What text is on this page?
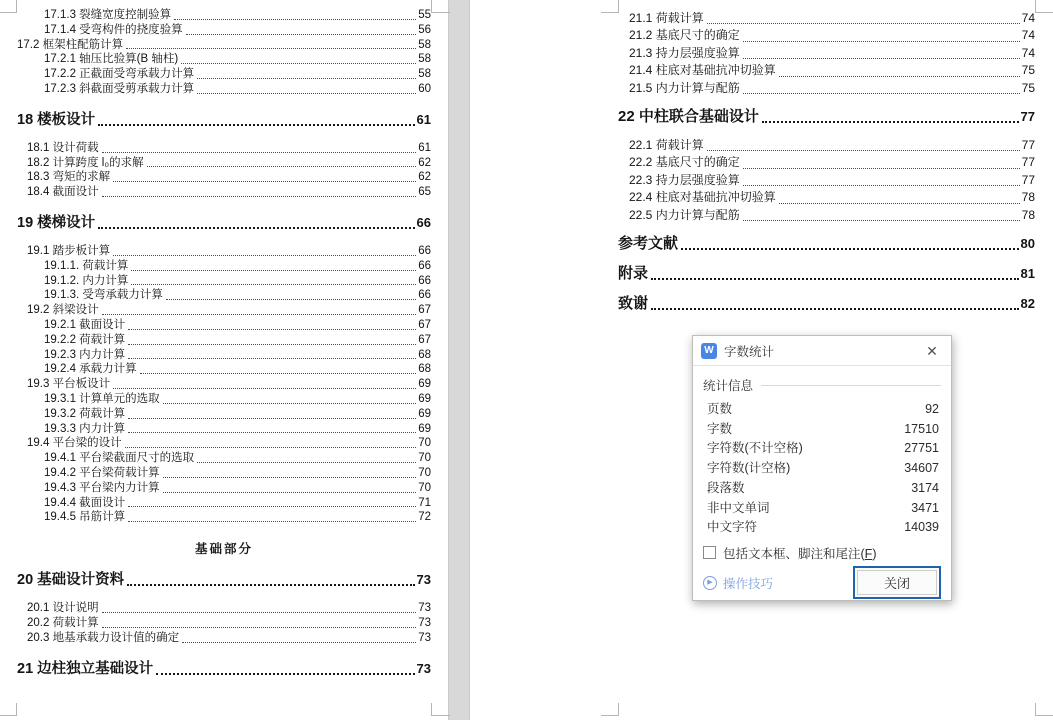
17.1.3 裂缝宽度控制验算	55
17.1.4 受弯构件的挠度验算	56
17.2 框架柱配筋计算	58
17.2.1 轴压比验算(B 轴柱)	58
17.2.2 正截面受弯承载力计算	58
17.2.3 斜截面受剪承载力计算	60
18 楼板设计	61
18.1 设计荷载	61
18.2 计算跨度 l₀的求解	62
18.3 弯矩的求解	62
18.4 截面设计	65
19 楼梯设计	66
19.1 踏步板计算	66
19.1.1. 荷载计算	66
19.1.2. 内力计算	66
19.1.3. 受弯承载力计算	66
19.2 斜梁设计	67
19.2.1 截面设计	67
19.2.2 荷载计算	67
19.2.3 内力计算	68
19.2.4 承载力计算	68
19.3 平台板设计	69
19.3.1 计算单元的选取	69
19.3.2 荷载计算	69
19.3.3 内力计算	69
19.4 平台梁的设计	70
19.4.1 平台梁截面尺寸的选取	70
19.4.2 平台梁荷载计算	70
19.4.3 平台梁内力计算	70
19.4.4 截面设计	71
19.4.5 吊筋计算	72
基础部分
20 基础设计资料	73
20.1 设计说明	73
20.2 荷载计算	73
20.3 地基承载力设计值的确定	73
21 边柱独立基础设计	73
21.1 荷载计算	74
21.2 基底尺寸的确定	74
21.3 持力层强度验算	74
21.4 柱底对基础抗冲切验算	75
21.5 内力计算与配筋	75
22 中柱联合基础设计	77
22.1 荷载计算	77
22.2 基底尺寸的确定	77
22.3 持力层强度验算	77
22.4 柱底对基础抗冲切验算	78
22.5 内力计算与配筋	78
参考文献	80
附录	81
致谢	82
W 字数统计	✕
统计信息
页数	92
字数	17510
字符数(不计空格)	27751
字符数(计空格)	34607
段落数	3174
非中文单词	3471
中文字符	14039
包括文本框、脚注和尾注(F)
▶ 操作技巧	关闭
